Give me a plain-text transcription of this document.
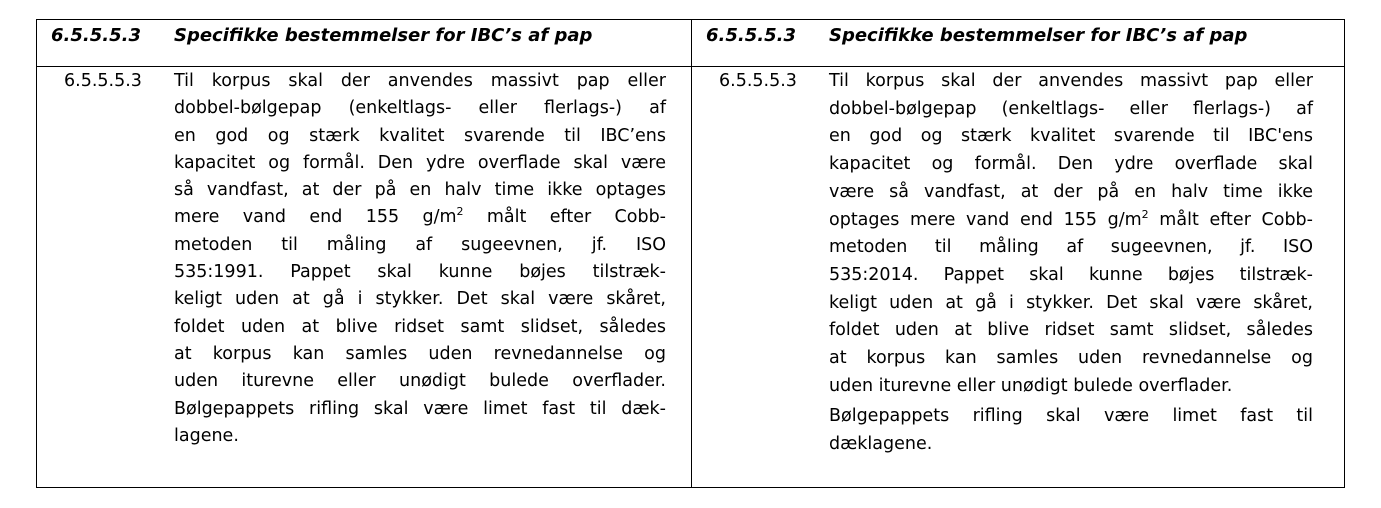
6.5.5.5.3 Specifikke bestemmelser for IBC’s af pap
6.5.5.5.3 Til korpus skal der anvendes massivt pap eller
dobbel-bølgepap (enkeltlags- eller flerlags-) af
en god og stærk kvalitet svarende til IBC’ens
kapacitet og formål. Den ydre overflade skal være
så vandfast, at der på en halv time ikke optages
mere vand end 155 $g/m^2$ målt efter Cobb-
metoden til måling af sugeevnen, jf. ISO
535:1991. Pappet skal kunne bøjes tilstræk-
keligt uden at gå i stykker. Det skal være skåret,
foldet uden at blive ridset samt slidset, således
at korpus kan samles uden revnedannelse og
uden iturevne eller unødigt bulede overflader.
Bølgepappets rifling skal være limet fast til dæk-
lagene.
6.5.5.5.3 Specifikke bestemmelser for IBC’s af pap
6.5.5.5.3 Til korpus skal der anvendes massivt pap eller
dobbel-bølgepap (enkeltlags- eller flerlags-) af
en god og stærk kvalitet svarende til IBC'ens
kapacitet og formål. Den ydre overflade skal
være så vandfast, at der på en halv time ikke
optages mere vand end 155 $g/m^2$ målt efter Cobb-
metoden til måling af sugeevnen, jf. ISO
535:2014. Pappet skal kunne bøjes tilstræk-
keligt uden at gå i stykker. Det skal være skåret,
foldet uden at blive ridset samt slidset, således
at korpus kan samles uden revnedannelse og
uden iturevne eller unødigt bulede overflader.
Bølgepappets rifling skal være limet fast til
dæklagene.
